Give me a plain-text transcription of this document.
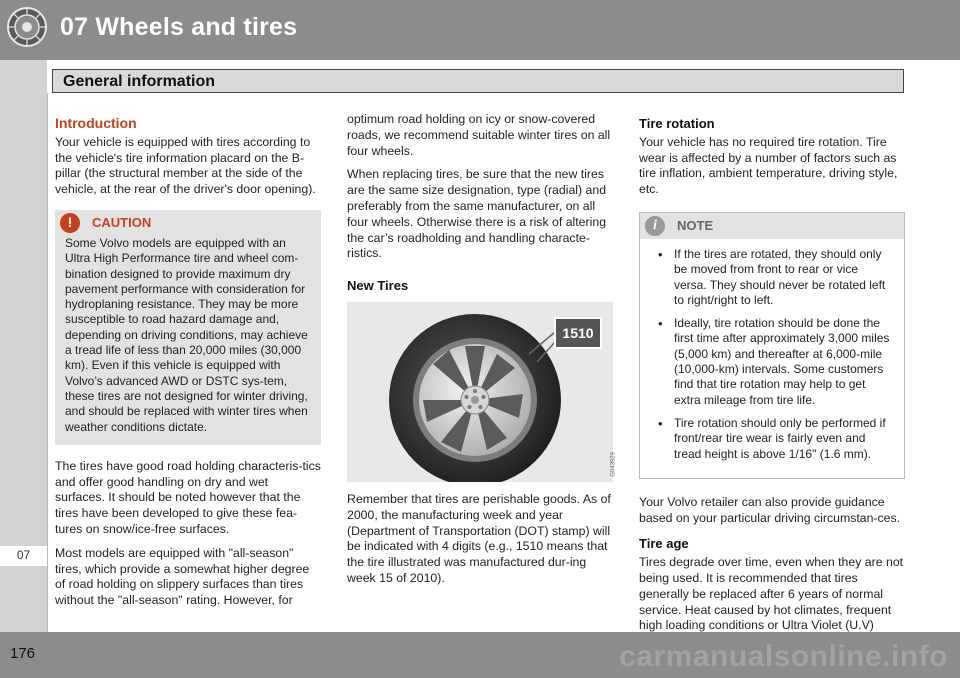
07 Wheels and tires
General information
07
Introduction

Your vehicle is equipped with tires according to the vehicle's tire information placard on the B-pillar (the structural member at the side of the vehicle, at the rear of the driver's door opening).

!	CAUTION
Some Volvo models are equipped with an Ultra High Performance tire and wheel com-bination designed to provide maximum dry pavement performance with consideration for hydroplaning resistance. They may be more susceptible to road hazard damage and, depending on driving conditions, may achieve a tread life of less than 20,000 miles (30,000 km). Even if this vehicle is equipped with Volvo’s advanced AWD or DSTC sys-tem, these tires are not designed for winter driving, and should be replaced with winter tires when weather conditions dictate.

The tires have good road holding characteris-tics and offer good handling on dry and wet surfaces. It should be noted however that the tires have been developed to give these fea-tures on snow/ice-free surfaces.

Most models are equipped with "all-season" tires, which provide a somewhat higher degree of road holding on slippery surfaces than tires without the "all-season" rating. However, for

optimum road holding on icy or snow-covered roads, we recommend suitable winter tires on all four wheels.

When replacing tires, be sure that the new tires are the same size designation, type (radial) and preferably from the same manufacturer, on all four wheels. Otherwise there is a risk of altering the car’s roadholding and handling characte-ristics.

New Tires
1510
G043929

Remember that tires are perishable goods. As of 2000, the manufacturing week and year (Department of Transportation (DOT) stamp) will be indicated with 4 digits (e.g., 1510 means that the tire illustrated was manufactured dur-ing week 15 of 2010).

Tire rotation

Your vehicle has no required tire rotation. Tire wear is affected by a number of factors such as tire inflation, ambient temperature, driving style, etc.

i	NOTE
• If the tires are rotated, they should only be moved from front to rear or vice versa. They should never be rotated left to right/right to left.
• Ideally, tire rotation should be done the first time after approximately 3,000 miles (5,000 km) and thereafter at 6,000-mile (10,000-km) intervals. Some customers find that tire rotation may help to get extra mileage from tire life.
• Tire rotation should only be performed if front/rear tire wear is fairly even and tread height is above 1/16" (1.6 mm).

Your Volvo retailer can also provide guidance based on your particular driving circumstan-ces.

Tire age

Tires degrade over time, even when they are not being used. It is recommended that tires generally be replaced after 6 years of normal service. Heat caused by hot climates, frequent high loading conditions or Ultra Violet (U.V)

176	carmanualsonline.info
